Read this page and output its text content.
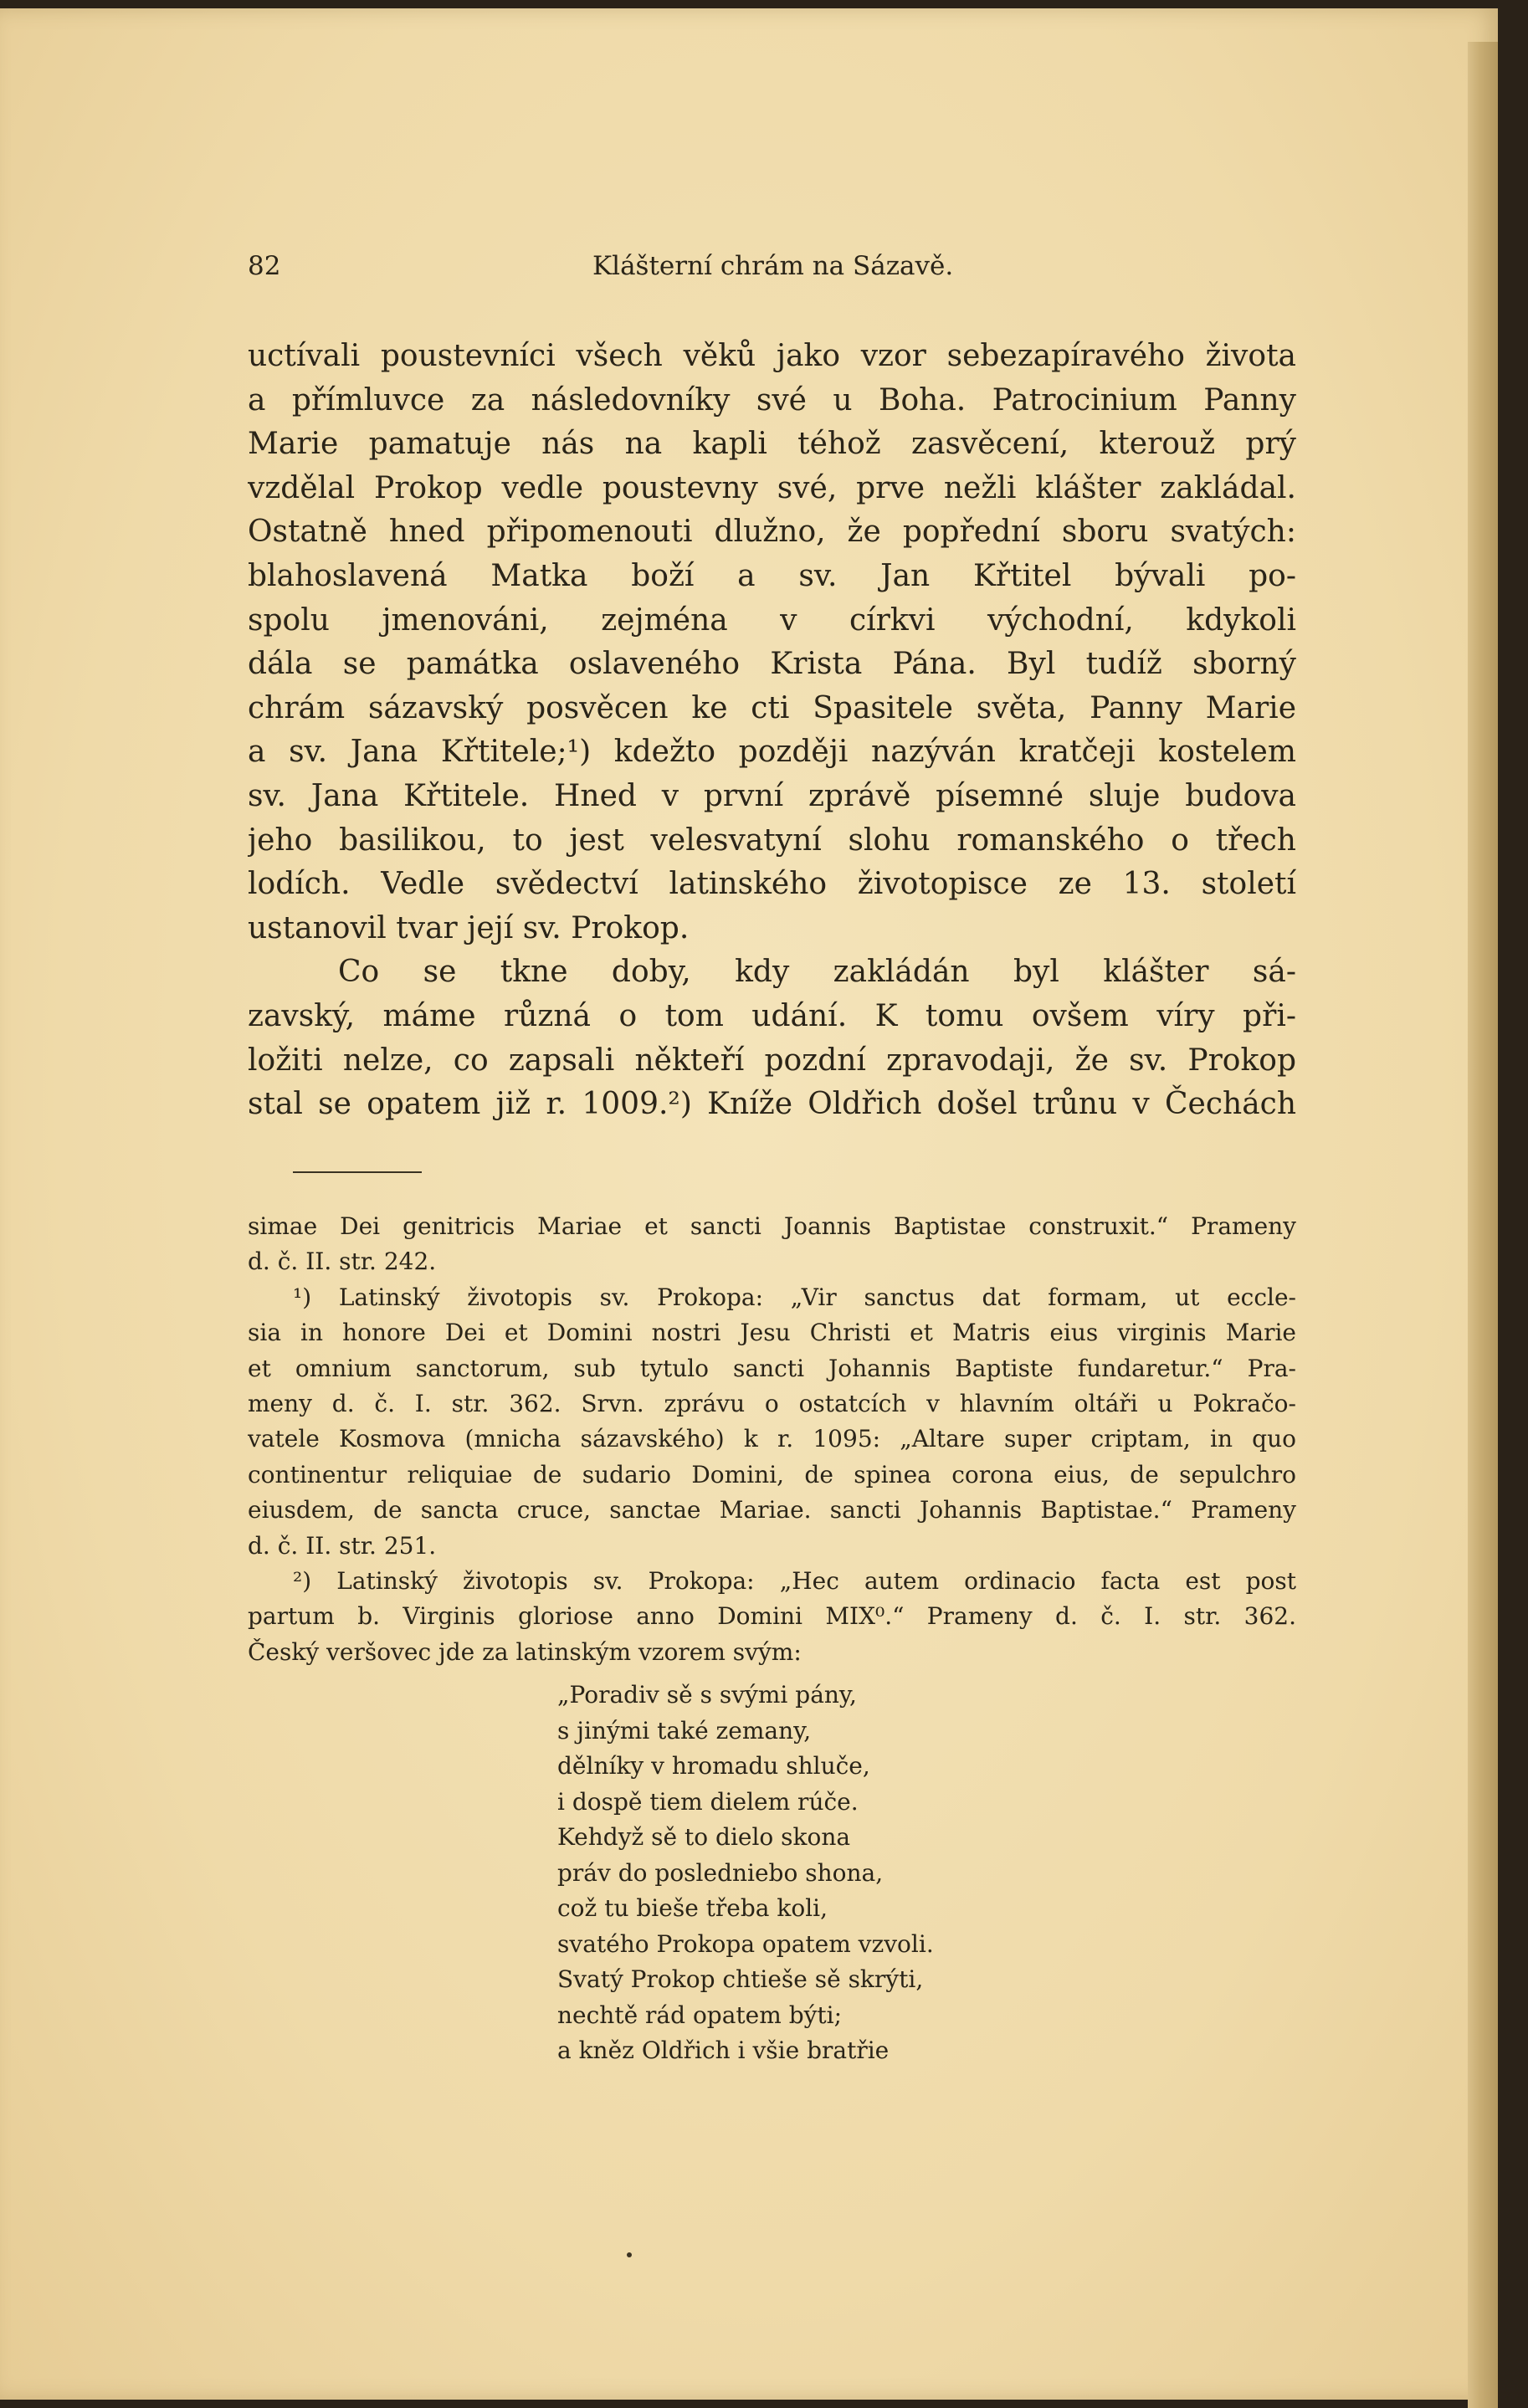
82	Klášterní chrám na Sázavě.
uctívali poustevníci všech věků jako vzor sebezapíravého života
a přímluvce za následovníky své u Boha. Patrocinium Panny
Marie pamatuje nás na kapli téhož zasvěcení, kterouž prý
vzdělal Prokop vedle poustevny své, prve nežli klášter zakládal.
Ostatně hned připomenouti dlužno, že popřední sboru svatých:
blahoslavená Matka boží a sv. Jan Křtitel bývali po-
spolu jmenováni, zejména v církvi východní, kdykoli
dála se památka oslaveného Krista Pána. Byl tudíž sborný
chrám sázavský posvěcen ke cti Spasitele světa, Panny Marie
a sv. Jana Křtitele;¹) kdežto později nazýván kratčeji kostelem
sv. Jana Křtitele. Hned v první zprávě písemné sluje budova
jeho basilikou, to jest velesvatyní slohu romanského o třech
lodích. Vedle svědectví latinského životopisce ze 13. století
ustanovil tvar její sv. Prokop.
Co se tkne doby, kdy zakládán byl klášter sá-
zavský, máme různá o tom udání. K tomu ovšem víry při-
ložiti nelze, co zapsali někteří pozdní zpravodaji, že sv. Prokop
stal se opatem již r. 1009.²) Kníže Oldřich došel trůnu v Čechách
simae Dei genitricis Mariae et sancti Joannis Baptistae construxit.“ Prameny
d. č. II. str. 242.
¹) Latinský životopis sv. Prokopa: „Vir sanctus dat formam, ut eccle-
sia in honore Dei et Domini nostri Jesu Christi et Matris eius virginis Marie
et omnium sanctorum, sub tytulo sancti Johannis Baptiste fundaretur.“ Pra-
meny d. č. I. str. 362. Srvn. zprávu o ostatcích v hlavním oltáři u Pokračo-
vatele Kosmova (mnicha sázavského) k r. 1095: „Altare super criptam, in quo
continentur reliquiae de sudario Domini, de spinea corona eius, de sepulchro
eiusdem, de sancta cruce, sanctae Mariae. sancti Johannis Baptistae.“ Prameny
d. č. II. str. 251.
²) Latinský životopis sv. Prokopa: „Hec autem ordinacio facta est post
partum b. Virginis gloriose anno Domini MIX⁰.“ Prameny d. č. I. str. 362.
Český veršovec jde za latinským vzorem svým:
„Poradiv sě s svými pány,
s jinými také zemany,
dělníky v hromadu shluče,
i dospě tiem dielem rúče.
Kehdyž sě to dielo skona
práv do posledniebo shona,
což tu bieše třeba koli,
svatého Prokopa opatem vzvoli.
Svatý Prokop chtieše sě skrýti,
nechtě rád opatem býti;
a kněz Oldřich i všie bratřie
